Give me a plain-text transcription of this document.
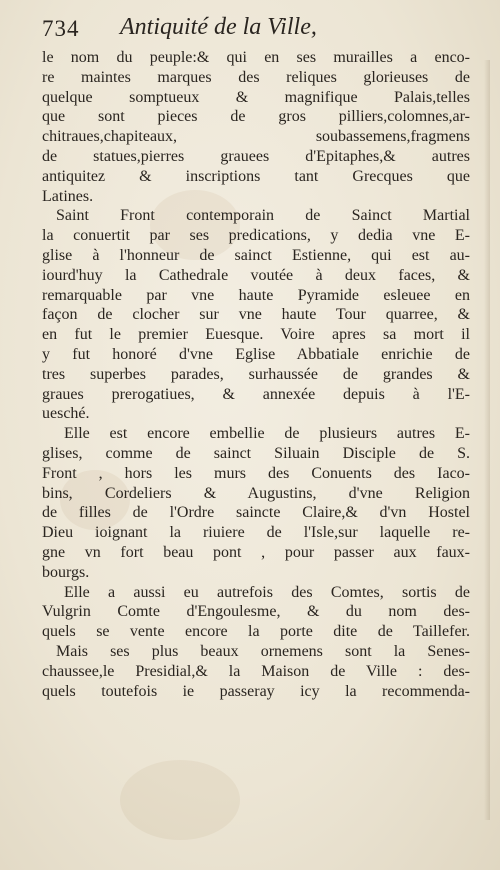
734 Antiquité de la Ville,
le nom du peuple:& qui en ses murailles a enco-
re maintes marques des reliques glorieuses de
quelque somptueux & magnifique Palais,telles
que sont pieces de gros pilliers,colomnes,ar-
chitraues,chapiteaux, soubassemens,fragmens
de statues,pierres grauees d'Epitaphes,& autres
antiquitez & inscriptions tant Grecques que
Latines.
Saint Front contemporain de Sainct Martial
la conuertit par ses predications, y dedia vne E-
glise à l'honneur de sainct Estienne, qui est au-
iourd'huy la Cathedrale voutée à deux faces, &
remarquable par vne haute Pyramide esleuee en
façon de clocher sur vne haute Tour quarree, &
en fut le premier Euesque. Voire apres sa mort il
y fut honoré d'vne Eglise Abbatiale enrichie de
tres superbes parades, surhaussée de grandes &
graues prerogatiues, & annexée depuis à l'E-
uesché.
Elle est encore embellie de plusieurs autres E-
glises, comme de sainct Siluain Disciple de S.
Front , hors les murs des Conuents des Iaco-
bins, Cordeliers & Augustins, d'vne Religion
de filles de l'Ordre saincte Claire,& d'vn Hostel
Dieu ioignant la riuiere de l'Isle,sur laquelle re-
gne vn fort beau pont , pour passer aux faux-
bourgs.
Elle a aussi eu autrefois des Comtes, sortis de
Vulgrin Comte d'Engoulesme, & du nom des-
quels se vente encore la porte dite de Taillefer.
Mais ses plus beaux ornemens sont la Senes-
chaussee,le Presidial,& la Maison de Ville : des-
quels toutefois ie passeray icy la recommenda-
